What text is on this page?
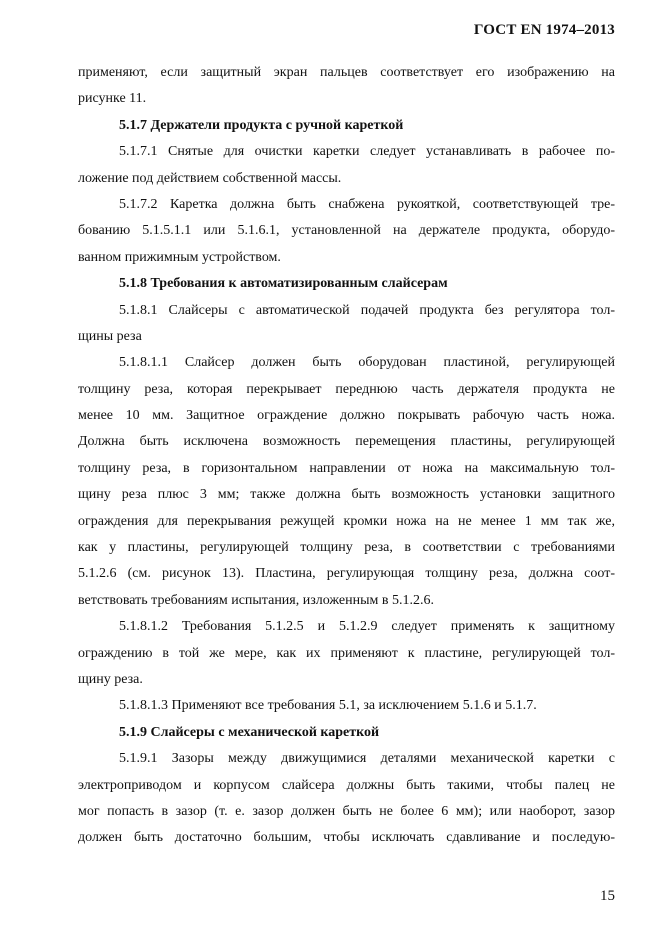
ГОСТ EN 1974–2013
применяют, если защитный экран пальцев соответствует его изображению на
рисунке 11.
5.1.7 Держатели продукта с ручной кареткой
5.1.7.1 Снятые для очистки каретки следует устанавливать в рабочее по-
ложение под действием собственной массы.
5.1.7.2 Каретка должна быть снабжена рукояткой, соответствующей тре-
бованию 5.1.5.1.1 или 5.1.6.1, установленной на держателе продукта, оборудо-
ванном прижимным устройством.
5.1.8 Требования к автоматизированным слайсерам
5.1.8.1 Слайсеры с автоматической подачей продукта без регулятора тол-
щины реза
5.1.8.1.1 Слайсер должен быть оборудован пластиной, регулирующей
толщину реза, которая перекрывает переднюю часть держателя продукта не
менее 10 мм. Защитное ограждение должно покрывать рабочую часть ножа.
Должна быть исключена возможность перемещения пластины, регулирующей
толщину реза, в горизонтальном направлении от ножа на максимальную тол-
щину реза плюс 3 мм; также должна быть возможность установки защитного
ограждения для перекрывания режущей кромки ножа на не менее 1 мм так же,
как у пластины, регулирующей толщину реза, в соответствии с требованиями
5.1.2.6 (см. рисунок 13). Пластина, регулирующая толщину реза, должна соот-
ветствовать требованиям испытания, изложенным в 5.1.2.6.
5.1.8.1.2 Требования 5.1.2.5 и 5.1.2.9 следует применять к защитному
ограждению в той же мере, как их применяют к пластине, регулирующей тол-
щину реза.
5.1.8.1.3 Применяют все требования 5.1, за исключением 5.1.6 и 5.1.7.
5.1.9 Слайсеры с механической кареткой
5.1.9.1 Зазоры между движущимися деталями механической каретки с
электроприводом и корпусом слайсера должны быть такими, чтобы палец не
мог попасть в зазор (т. е. зазор должен быть не более 6 мм); или наоборот, зазор
должен быть достаточно большим, чтобы исключать сдавливание и последую-
15
